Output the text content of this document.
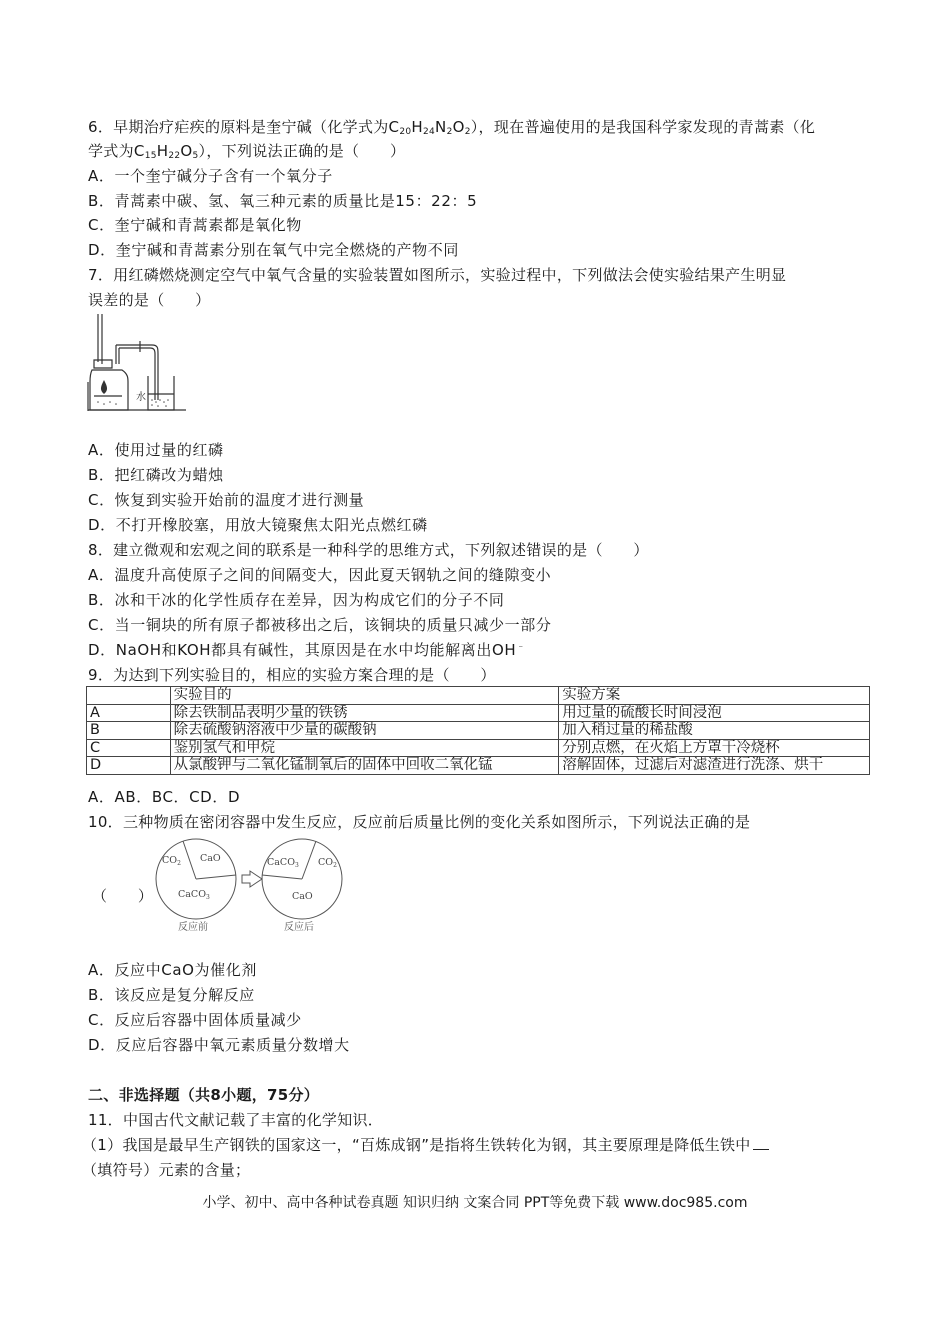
6．早期治疗疟疾的原料是奎宁碱（化学式为$C_{20}H_{24}N_2O_2$），现在普遍使用的是我国科学家发现的青蒿素（化
学式为$C_{15}H_{22}O_5$），下列说法正确的是（　　）
A．一个奎宁碱分子含有一个氧分子
B．青蒿素中碳、氢、氧三种元素的质量比是15：22：5
C．奎宁碱和青蒿素都是氧化物
D．奎宁碱和青蒿素分别在氧气中完全燃烧的产物不同
7．用红磷燃烧测定空气中氧气含量的实验装置如图所示，实验过程中，下列做法会使实验结果产生明显
误差的是（　　）
水
A．使用过量的红磷
B．把红磷改为蜡烛
C．恢复到实验开始前的温度才进行测量
D．不打开橡胶塞，用放大镜聚焦太阳光点燃红磷
8．建立微观和宏观之间的联系是一种科学的思维方式，下列叙述错误的是（　　）
A．温度升高使原子之间的间隔变大，因此夏天钢轨之间的缝隙变小
B．冰和干冰的化学性质存在差异，因为构成它们的分子不同
C．当一铜块的所有原子都被移出之后，该铜块的质量只减少一部分
D．NaOH和KOH都具有碱性，其原因是在水中均能解离出OH﹣
9．为达到下列实验目的，相应的实验方案合理的是（　　）
	实验目的	实验方案
A	除去铁制品表明少量的铁锈	用过量的硫酸长时间浸泡
B	除去硫酸钠溶液中少量的碳酸钠	加入稍过量的稀盐酸
C	鉴别氢气和甲烷	分别点燃，在火焰上方罩干冷烧杯
D	从氯酸钾与二氧化锰制氧后的固体中回收二氧化锰	溶解固体，过滤后对滤渣进行洗涤、烘干
A．AB．BC．CD．D
10．三种物质在密闭容器中发生反应，反应前后质量比例的变化关系如图所示，下列说法正确的是
（　　）
$CO_2$ CaO
CaCO$_3$
CaCO$_3$ $CO_2$
CaO
反应前	反应后
A．反应中CaO为催化剂
B．该反应是复分解反应
C．反应后容器中固体质量减少
D．反应后容器中氧元素质量分数增大
二、非选择题（共8小题，75分）
11．中国古代文献记载了丰富的化学知识．
（1）我国是最早生产钢铁的国家这一，“百炼成钢”是指将生铁转化为钢，其主要原理是降低生铁中
（填符号）元素的含量；
小学、初中、高中各种试卷真题 知识归纳 文案合同 PPT等免费下载 www.doc985.com
